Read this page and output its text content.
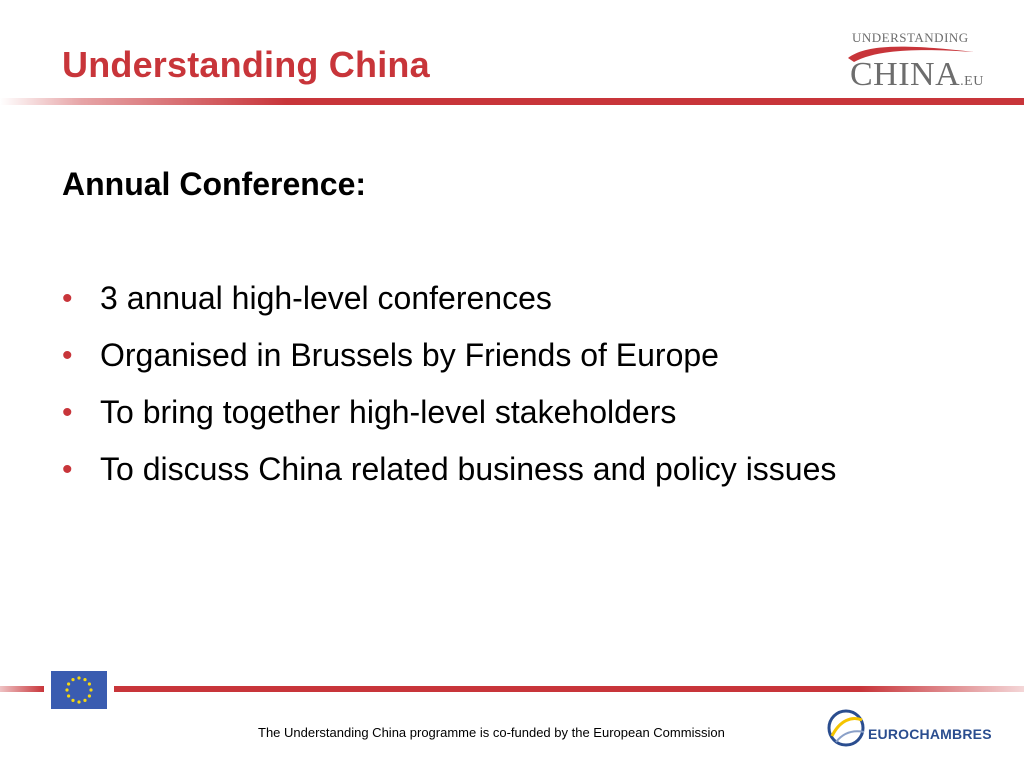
Understanding China
UNDERSTANDING
CHINA.EU
Annual Conference:
• 3 annual high-level conferences
• Organised in Brussels by Friends of Europe
• To bring together high-level stakeholders
• To discuss China related business and policy issues
The Understanding China programme is co-funded by the European Commission	EUROCHAMBRES
